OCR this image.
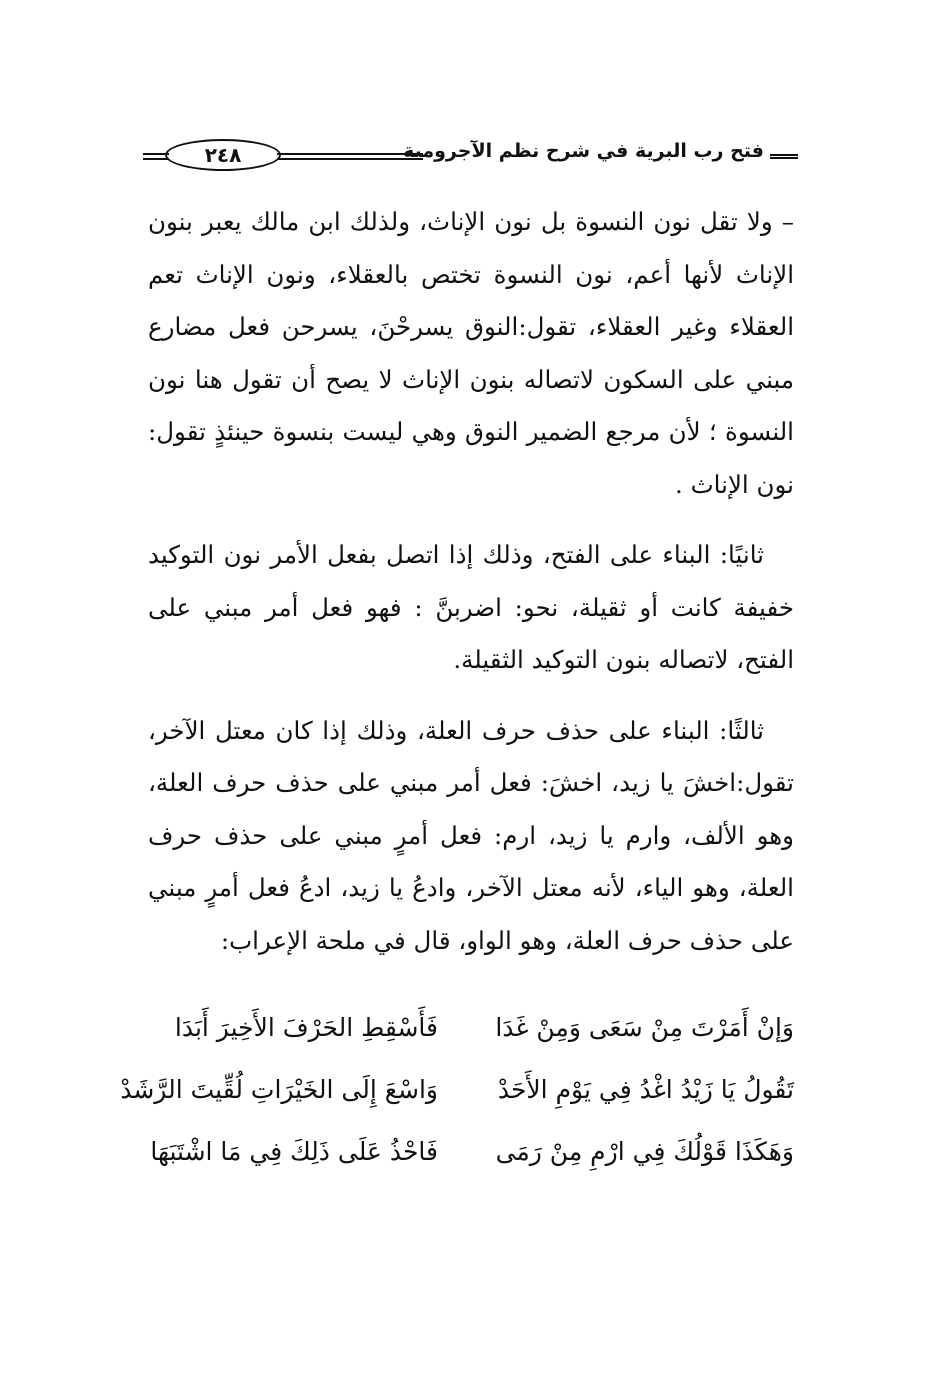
فتح رب البرية في شرح نظم الآجرومية
٢٤٨

– ولا تقل نون النسوة بل نون الإناث، ولذلك ابن مالك يعبر بنون الإناث لأنها أعم، نون النسوة تختص بالعقلاء، ونون الإناث تعم العقلاء وغير العقلاء، تقول:النوق يسرحْنَ، يسرحن فعل مضارع مبني على السكون لاتصاله بنون الإناث لا يصح أن تقول هنا نون النسوة ؛ لأن مرجع الضمير النوق وهي ليست بنسوة حينئذٍ تقول: نون الإناث .

ثانيًا: البناء على الفتح، وذلك إذا اتصل بفعل الأمر نون التوكيد خفيفة كانت أو ثقيلة، نحو: اضربنَّ : فهو فعل أمر مبني على الفتح، لاتصاله بنون التوكيد الثقيلة.

ثالثًا: البناء على حذف حرف العلة، وذلك إذا كان معتل الآخر، تقول:اخشَ يا زيد، اخشَ: فعل أمر مبني على حذف حرف العلة، وهو الألف، وارم يا زيد، ارم: فعل أمرٍ مبني على حذف حرف العلة، وهو الياء، لأنه معتل الآخر، وادعُ يا زيد، ادعُ فعل أمرٍ مبني على حذف حرف العلة، وهو الواو، قال في ملحة الإعراب:

وَإنْ أَمَرْتَ مِنْ سَعَى وَمِنْ غَدَا
فَأَسْقِطِ الحَرْفَ الأَخِيرَ أَبَدَا
تَقُولُ يَا زَيْدُ اغْدُ فِي يَوْمِ الأَحَدْ
وَاسْعَ إِلَى الخَيْرَاتِ لُقِّيتَ الرَّشَدْ
وَهَكَذَا قَوْلُكَ فِي ارْمِ مِنْ رَمَى
فَاحْذُ عَلَى ذَلِكَ فِي مَا اشْتَبَهَا
